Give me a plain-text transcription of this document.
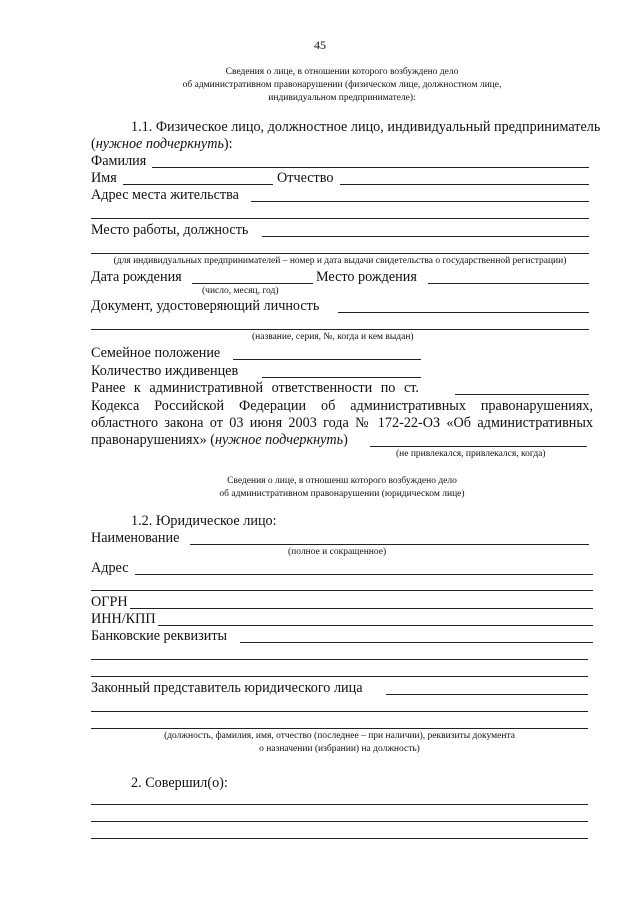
45
Сведения о лице, в отношении которого возбуждено дело
об административном правонарушении (физическом лице, должностном лице,
индивидуальном предпринимателе):
1.1. Физическое лицо, должностное лицо, индивидуальный предприниматель
(нужное подчеркнуть):
Фамилия
Имя	Отчество
Адрес места жительства
Место работы, должность
(для индивидуальных предпринимателей – номер и дата выдачи свидетельства о государственной регистрации)
Дата рождения	Место рождения
(число, месяц, год)
Документ, удостоверяющий личность
(название, серия, №, когда и кем выдан)
Семейное положение
Количество иждивенцев
Ранее к административной ответственности по ст.
Кодекса Российской Федерации об административных правонарушениях,
областного закона от 03 июня 2003 года № 172-22-ОЗ «Об административных
правонарушениях» (нужное подчеркнуть)
(не привлекался, привлекался, когда)
Сведения о лице, в отношенш которого возбуждено дело
об административном правонарушении (юридическом лице)
1.2. Юридическое лицо:
Наименование
(полное и сокращенное)
Адрес
ОГРН
ИНН/КПП
Банковские реквизиты
Законный представитель юридического лица
(должность, фамилия, имя, отчество (последнее – при наличии), реквизиты документа
о назначении (избрании) на должность)
2. Совершил(о):
